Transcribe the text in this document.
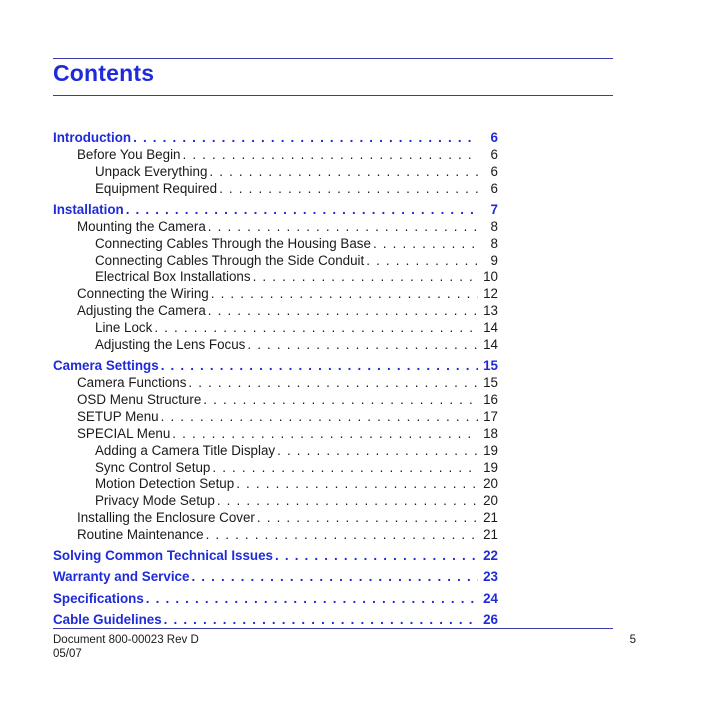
Contents
Introduction . . .	6
Before You Begin . . .	6
Unpack Everything . . .	6
Equipment Required . . .	6
Installation . . .	7
Mounting the Camera . . .	8
Connecting Cables Through the Housing Base . . .	8
Connecting Cables Through the Side Conduit . . .	9
Electrical Box Installations . . .	10
Connecting the Wiring . . .	12
Adjusting the Camera . . .	13
Line Lock . . .	14
Adjusting the Lens Focus . . .	14
Camera Settings . . .	15
Camera Functions . . .	15
OSD Menu Structure . . .	16
SETUP Menu . . .	17
SPECIAL Menu . . .	18
Adding a Camera Title Display . . .	19
Sync Control Setup . . .	19
Motion Detection Setup . . .	20
Privacy Mode Setup . . .	20
Installing the Enclosure Cover . . .	21
Routine Maintenance . . .	21
Solving Common Technical Issues . . .	22
Warranty and Service . . .	23
Specifications . . .	24
Cable Guidelines . . .	26
Document 800-00023 Rev D
05/07
5
